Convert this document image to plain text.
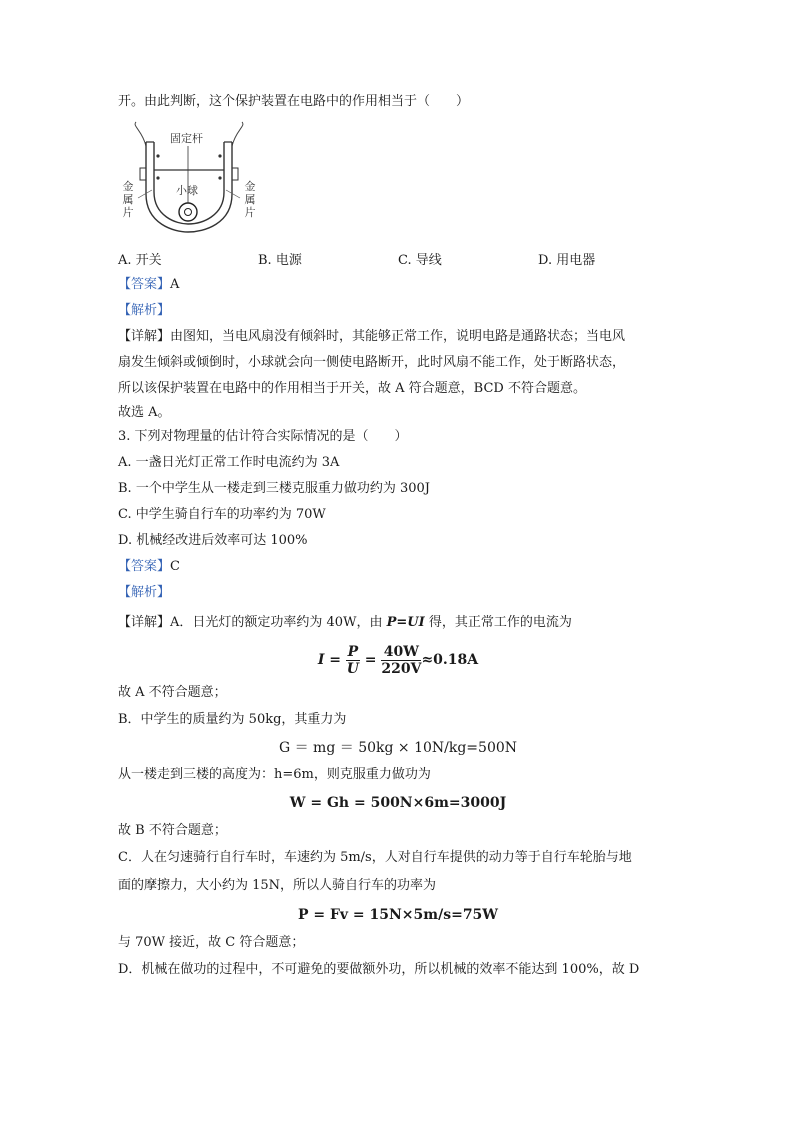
开。由此判断，这个保护装置在电路中的作用相当于（　　）
固定杆
金属片
金属片
小球
A. 开关	B. 电源	C. 导线	D. 用电器
【答案】A
【解析】
【详解】由图知，当电风扇没有倾斜时，其能够正常工作，说明电路是通路状态；当电风
扇发生倾斜或倾倒时，小球就会向一侧使电路断开，此时风扇不能工作，处于断路状态，
所以该保护装置在电路中的作用相当于开关，故 A 符合题意，BCD 不符合题意。
故选 A。
3. 下列对物理量的估计符合实际情况的是（　　）
A. 一盏日光灯正常工作时电流约为 3A
B. 一个中学生从一楼走到三楼克服重力做功约为 300J
C. 中学生骑自行车的功率约为 70W
D. 机械经改进后效率可达 100%
【答案】C
【解析】
【详解】A．日光灯的额定功率约为 40W，由 P=UI 得，其正常工作的电流为
I =
P
U
=
40W
220V
≈0.18A
故 A 不符合题意；
B．中学生的质量约为 50kg，其重力为
G ＝ mg ＝ 50kg × 10N/kg=500N
从一楼走到三楼的高度为：h=6m，则克服重力做功为
W = Gh = 500N×6m=3000J
故 B 不符合题意；
C．人在匀速骑行自行车时，车速约为 5m/s，人对自行车提供的动力等于自行车轮胎与地
面的摩擦力，大小约为 15N，所以人骑自行车的功率为
P = Fv = 15N×5m/s=75W
与 70W 接近，故 C 符合题意；
D．机械在做功的过程中，不可避免的要做额外功，所以机械的效率不能达到 100%，故 D
